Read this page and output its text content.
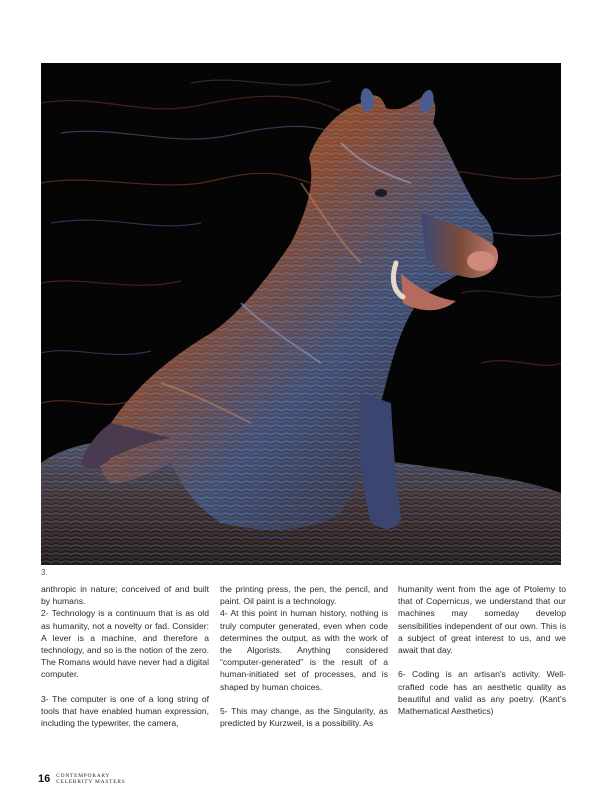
3.

anthropic in nature; conceived of and built by humans.

2- Technology is a continuum that is as old as humanity, not a novelty or fad. Consider: A lever is a machine, and therefore a technology, and so is the notion of the zero. The Romans would have never had a digital computer.

3- The computer is one of a long string of tools that have enabled human expression, including the typewriter, the camera,

the printing press, the pen, the pencil, and paint. Oil paint is a technology.

4- At this point in human history, nothing is truly computer generated, even when code determines the output, as with the work of the Algorists. Anything considered “computer-generated” is the result of a human-initiated set of processes, and is shaped by human choices.

5- This may change, as the Singularity, as predicted by Kurzweil, is a possibility. As

humanity went from the age of Ptolemy to that of Copernicus, we understand that our machines may someday develop sensibilities independent of our own. This is a subject of great interest to us, and we await that day.

6- Coding is an artisan's activity. Well-crafted code has an aesthetic quality as beautiful and valid as any poetry. (Kant's Mathematical Aesthetics)

16 CONTEMPORARY
CELEBRITY MASTERS
